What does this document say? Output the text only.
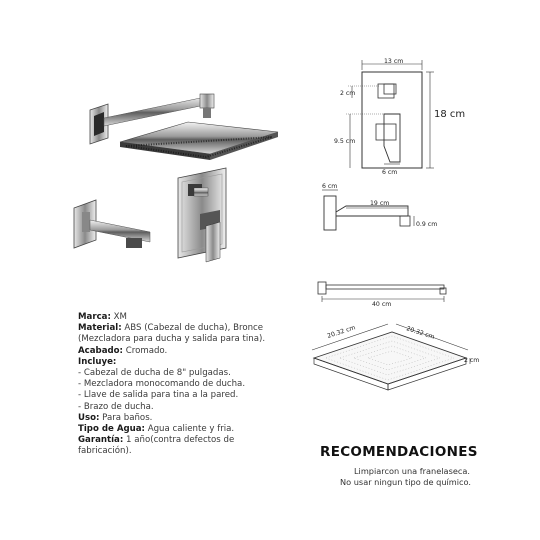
13 cm
18 cm
2 cm
9.5 cm
6 cm
6 cm
19 cm
0.9 cm
40 cm
20.32 cm	20.32 cm
2 cm
Marca: XM
Material: ABS (Cabezal de ducha), Bronce
(Mezcladora para ducha y salida para tina).
Acabado: Cromado.
Incluye:
- Cabezal de ducha de 8" pulgadas.
- Mezcladora monocomando de ducha.
- Llave de salida para tina a la pared.
- Brazo de ducha.
Uso: Para baños.
Tipo de Agua: Agua caliente y fria.
Garantía: 1 año(contra defectos de
fabricación).	RECOMENDACIONES
Limpiarcon una franelaseca.
No usar ningun tipo de químico.
